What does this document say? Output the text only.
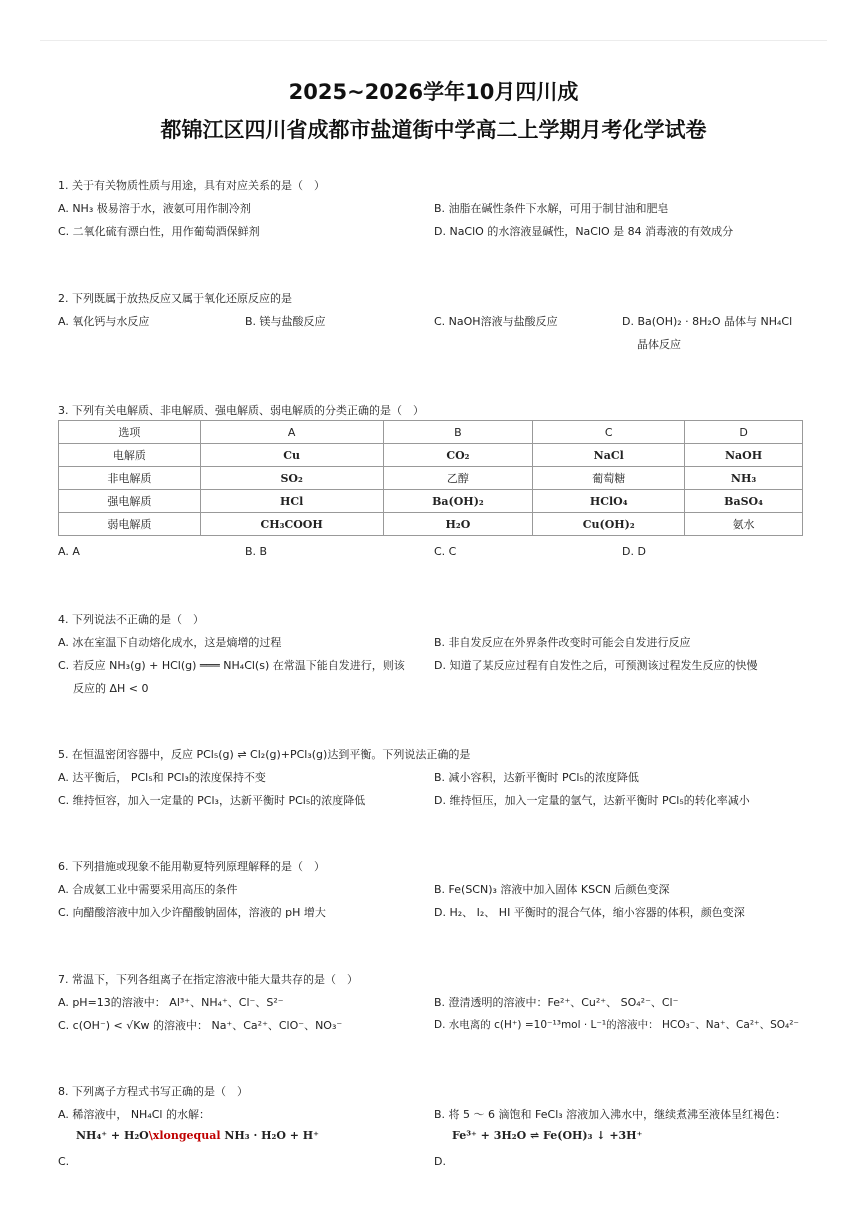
2025~2026学年10月四川成
都锦江区四川省成都市盐道街中学高二上学期月考化学试卷
1. 关于有关物质性质与用途，具有对应关系的是（　）
A. NH₃ 极易溶于水，液氨可用作制冷剂	B. 油脂在碱性条件下水解，可用于制甘油和肥皂
C. 二氧化硫有漂白性，用作葡萄酒保鲜剂	D. NaClO 的水溶液显碱性，NaClO 是 84 消毒液的有效成分
2. 下列既属于放热反应又属于氧化还原反应的是
A. 氧化钙与水反应	B. 镁与盐酸反应	C. NaOH溶液与盐酸反应	D. Ba(OH)₂ · 8H₂O 晶体与 NH₄Cl
晶体反应
3. 下列有关电解质、非电解质、强电解质、弱电解质的分类正确的是（　）
选项	A	B	C	D
电解质	Cu	CO₂	NaCl	NaOH
非电解质	SO₂	乙醇	葡萄糖	NH₃
强电解质	HCl	Ba(OH)₂	HClO₄	BaSO₄
弱电解质	CH₃COOH	H₂O	Cu(OH)₂	氨水
A. A	B. B	C. C	D. D
4. 下列说法不正确的是（　）
A. 冰在室温下自动熔化成水，这是熵增的过程	B. 非自发反应在外界条件改变时可能会自发进行反应
C. 若反应 NH₃(g) + HCl(g) ═══ NH₄Cl(s) 在常温下能自发进行，则该
反应的 ΔH < 0
D. 知道了某反应过程有自发性之后，可预测该过程发生反应的快慢
5. 在恒温密闭容器中，反应 PCl₅(g) ⇌ Cl₂(g)+PCl₃(g)达到平衡。下列说法正确的是
A. 达平衡后， PCl₅和 PCl₃的浓度保持不变	B. 减小容积，达新平衡时 PCl₅的浓度降低
C. 维持恒容，加入一定量的 PCl₃，达新平衡时 PCl₅的浓度降低	D. 维持恒压，加入一定量的氩气，达新平衡时 PCl₅的转化率减小
6. 下列措施或现象不能用勒夏特列原理解释的是（　）
A. 合成氨工业中需要采用高压的条件	B. Fe(SCN)₃ 溶液中加入固体 KSCN 后颜色变深
C. 向醋酸溶液中加入少许醋酸钠固体，溶液的 pH 增大	D. H₂、 I₂、 HI 平衡时的混合气体，缩小容器的体积，颜色变深
7. 常温下，下列各组离子在指定溶液中能大量共存的是（　）
A. pH=13的溶液中： Al³⁺、NH₄⁺、Cl⁻、S²⁻	B. 澄清透明的溶液中：Fe²⁺、Cu²⁺、 SO₄²⁻、Cl⁻
C. c(OH⁻) < √Kw 的溶液中： Na⁺、Ca²⁺、ClO⁻、NO₃⁻	D. 水电离的 c(H⁺) =10⁻¹³mol · L⁻¹的溶液中： HCO₃⁻、Na⁺、Ca²⁺、SO₄²⁻
8. 下列离子方程式书写正确的是（　）
A. 稀溶液中， NH₄Cl 的水解：
NH₄⁺ + H₂O\xlongequal NH₃ · H₂O + H⁺
B. 将 5 ～ 6 滴饱和 FeCl₃ 溶液加入沸水中，继续煮沸至液体呈红褐色：
Fe³⁺ + 3H₂O ⇌ Fe(OH)₃ ↓ +3H⁺
C.	D.
